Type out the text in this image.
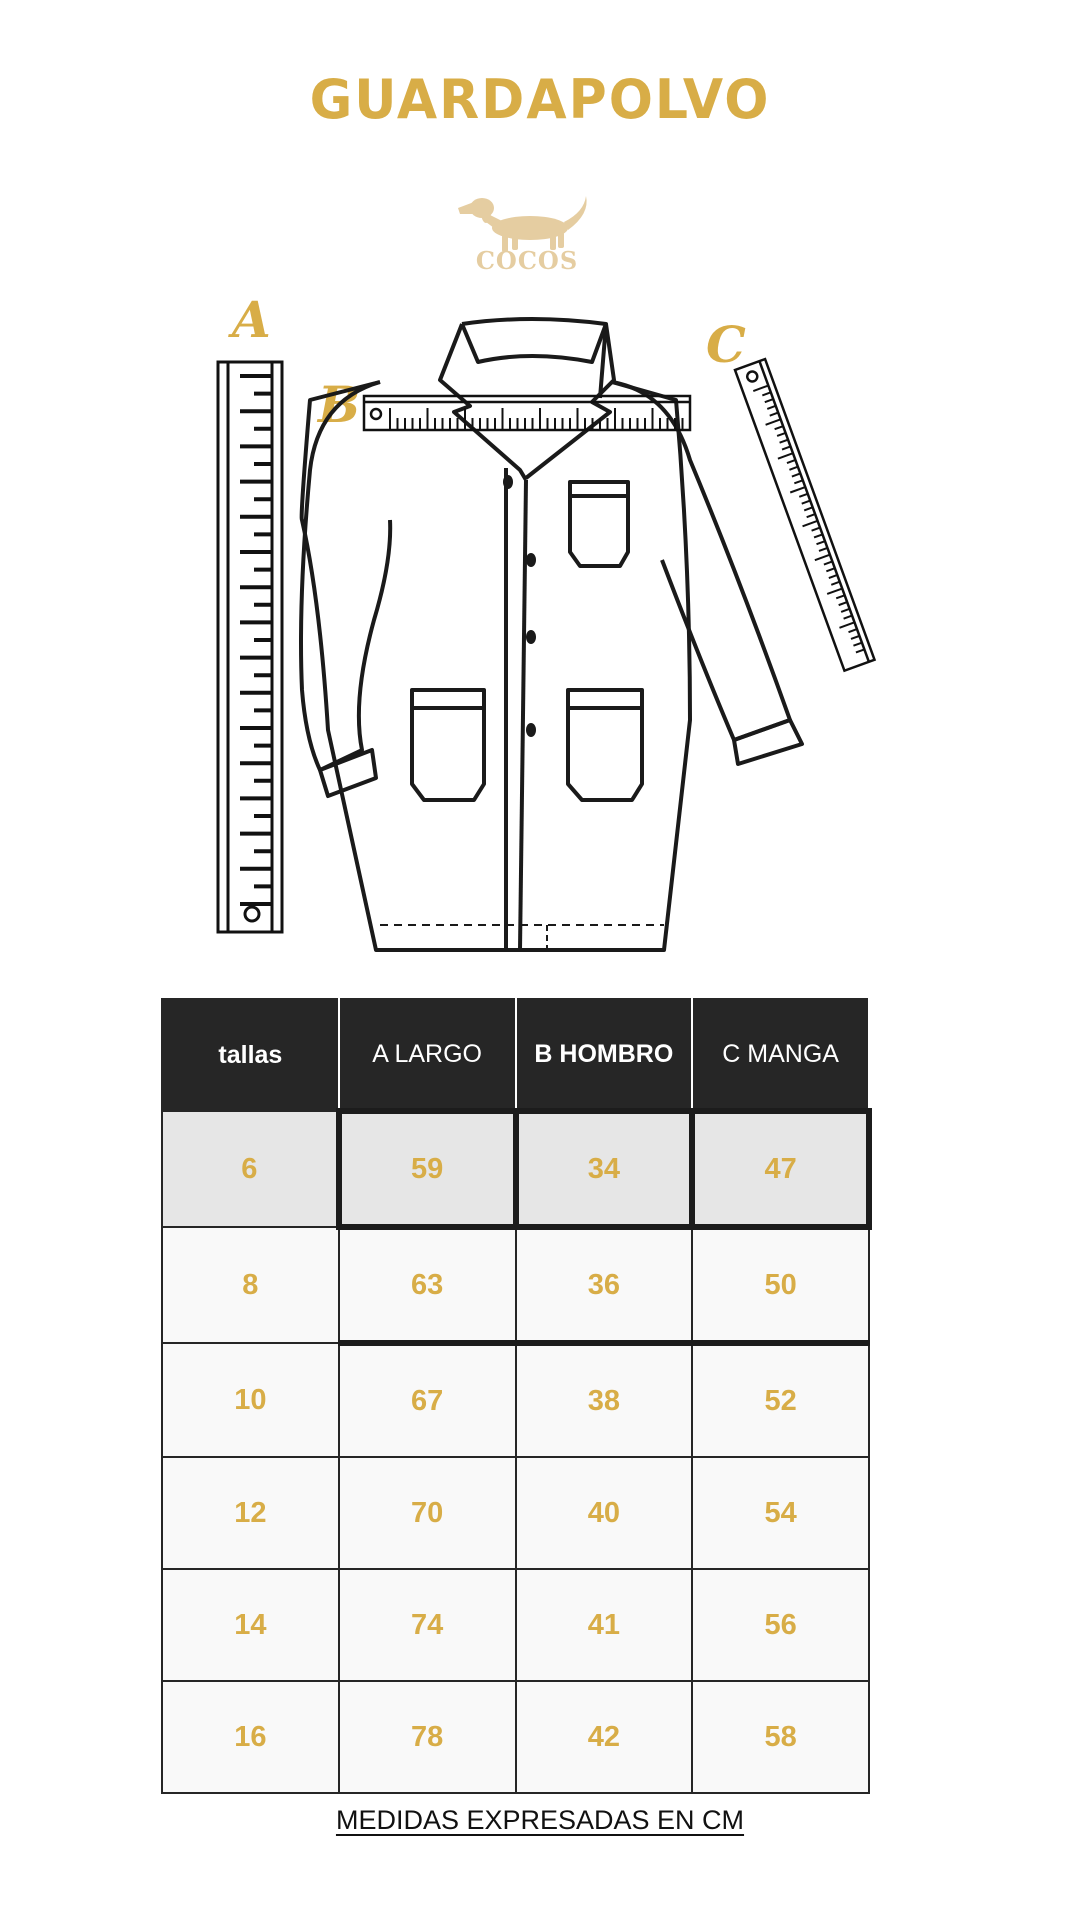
GUARDAPOLVO
COCOS
A
B
C
tallas	A LARGO	B HOMBRO	C MANGA
6	59	34	47
8	63	36	50
10	67	38	52
12	70	40	54
14	74	41	56
16	78	42	58
MEDIDAS EXPRESADAS EN CM
